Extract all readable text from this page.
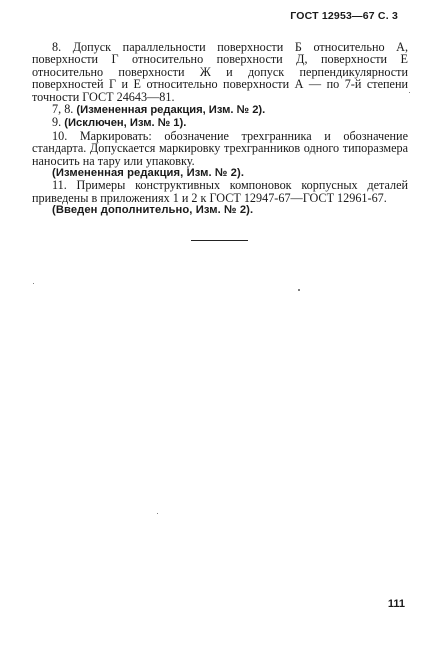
ГОСТ 12953—67 С. 3

8. Допуск параллельности поверхности Б относительно А, поверхности Г относительно поверхности Д, поверхности Е относительно поверхности Ж и допуск перпендикулярности поверхностей Г и Е относительно поверхности А — по 7-й степени точности ГОСТ 24643—81.

7, 8. (Измененная редакция, Изм. № 2).

9. (Исключен, Изм. № 1).

10. Маркировать: обозначение трехгранника и обозначение стандарта. Допускается маркировку трехгранников одного типоразмера наносить на тару или упаковку.

(Измененная редакция, Изм. № 2).

11. Примеры конструктивных компоновок корпусных деталей приведены в приложениях 1 и 2 к ГОСТ 12947-67—ГОСТ 12961-67.

(Введен дополнительно, Изм. № 2).

111
